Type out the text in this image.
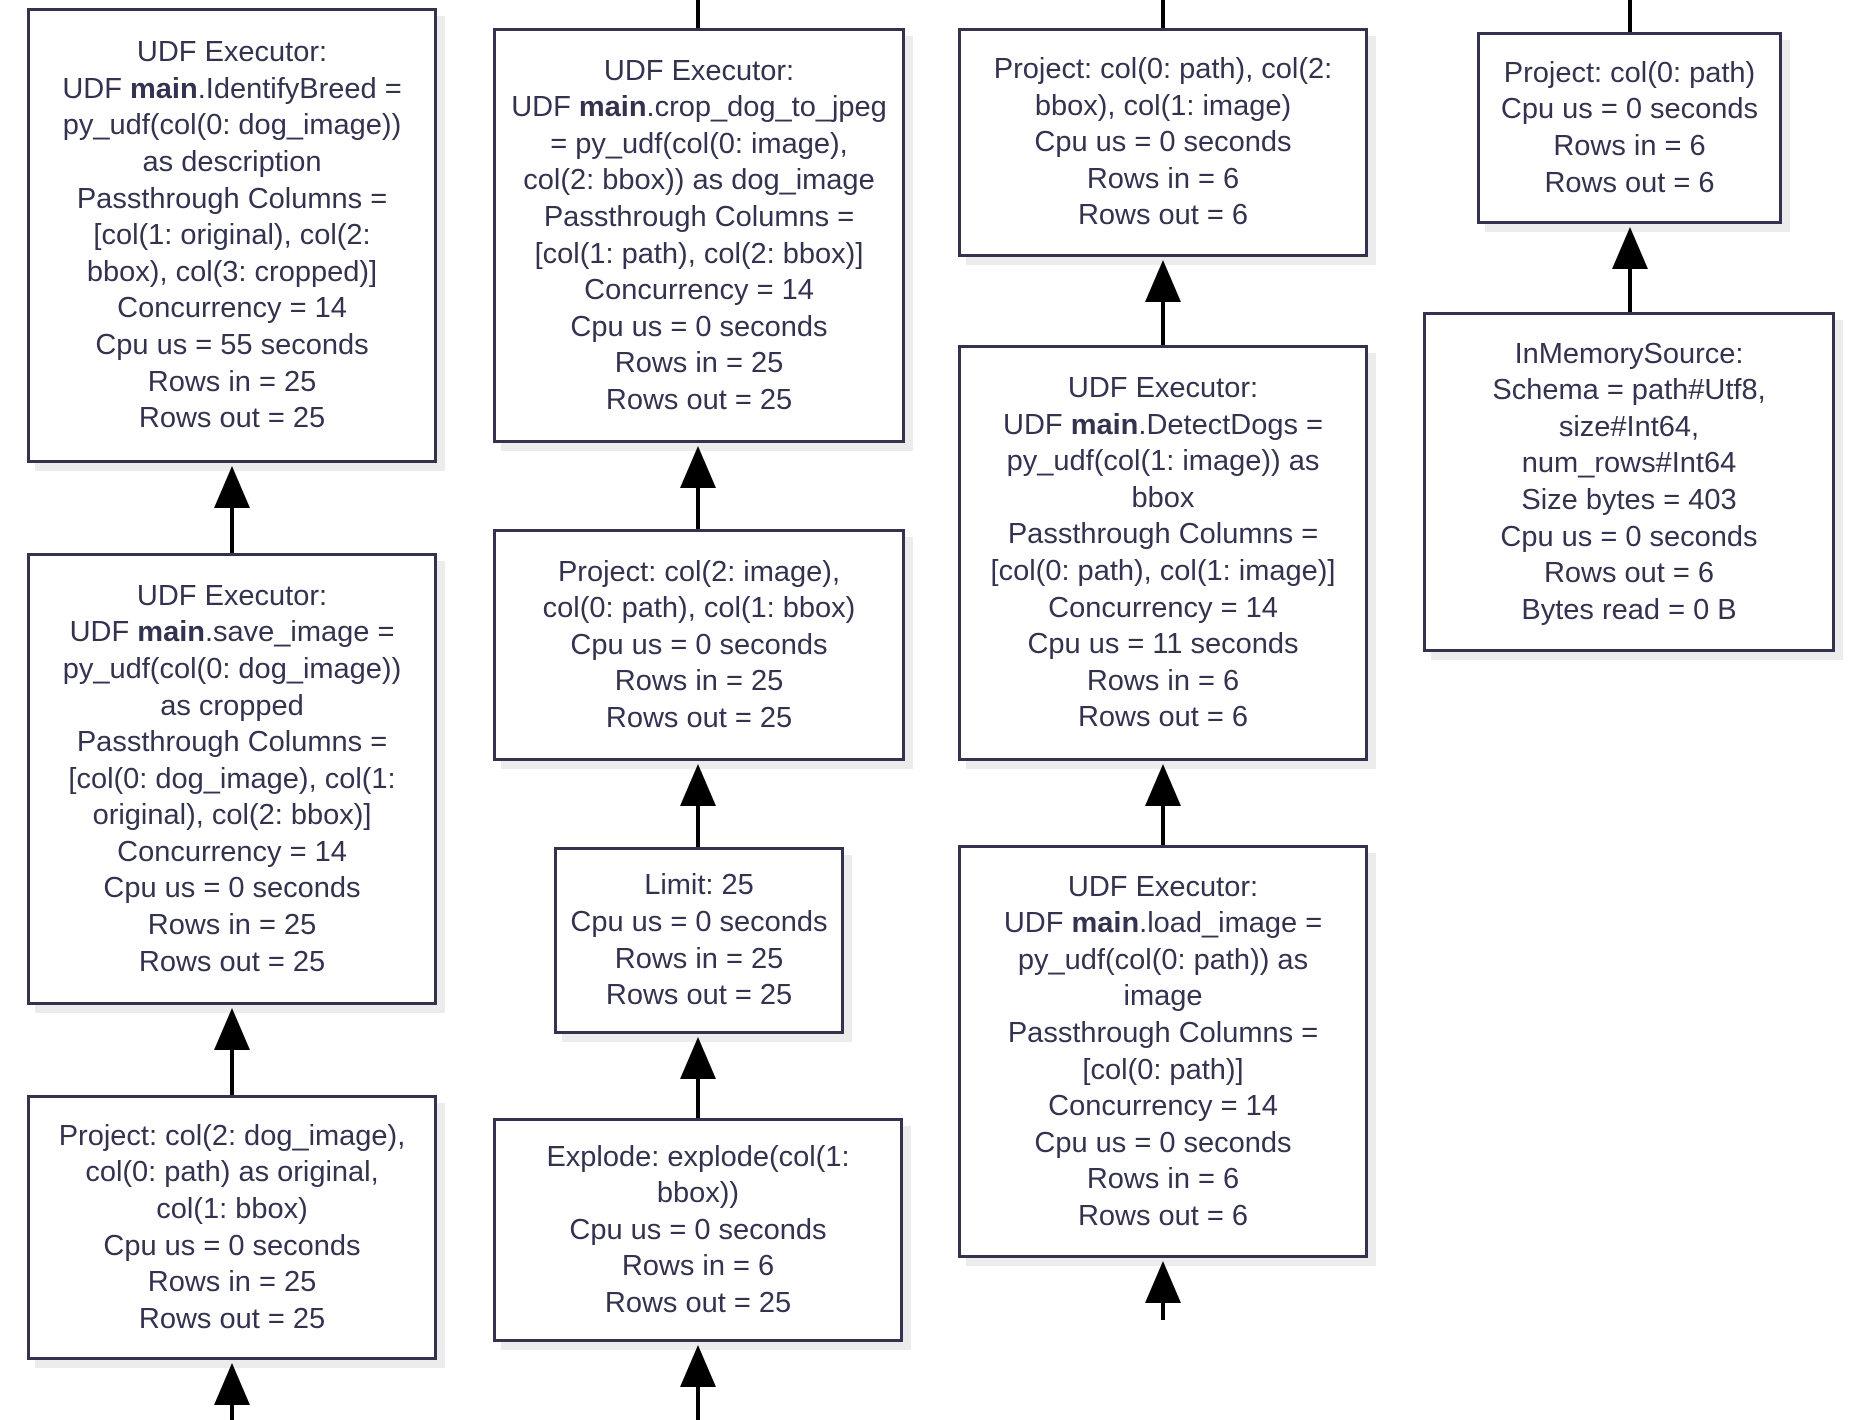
UDF Executor:
UDF main.IdentifyBreed =
py_udf(col(0: dog_image))
as description
Passthrough Columns =
[col(1: original), col(2:
bbox), col(3: cropped)]
Concurrency = 14
Cpu us = 55 seconds
Rows in = 25
Rows out = 25
UDF Executor:
UDF main.save_image =
py_udf(col(0: dog_image))
as cropped
Passthrough Columns =
[col(0: dog_image), col(1:
original), col(2: bbox)]
Concurrency = 14
Cpu us = 0 seconds
Rows in = 25
Rows out = 25
Project: col(2: dog_image),
col(0: path) as original,
col(1: bbox)
Cpu us = 0 seconds
Rows in = 25
Rows out = 25
UDF Executor:
UDF main.crop_dog_to_jpeg
= py_udf(col(0: image),
col(2: bbox)) as dog_image
Passthrough Columns =
[col(1: path), col(2: bbox)]
Concurrency = 14
Cpu us = 0 seconds
Rows in = 25
Rows out = 25
Project: col(2: image),
col(0: path), col(1: bbox)
Cpu us = 0 seconds
Rows in = 25
Rows out = 25
Limit: 25
Cpu us = 0 seconds
Rows in = 25
Rows out = 25
Explode: explode(col(1:
bbox))
Cpu us = 0 seconds
Rows in = 6
Rows out = 25
Project: col(0: path), col(2:
bbox), col(1: image)
Cpu us = 0 seconds
Rows in = 6
Rows out = 6
UDF Executor:
UDF main.DetectDogs =
py_udf(col(1: image)) as
bbox
Passthrough Columns =
[col(0: path), col(1: image)]
Concurrency = 14
Cpu us = 11 seconds
Rows in = 6
Rows out = 6
UDF Executor:
UDF main.load_image =
py_udf(col(0: path)) as
image
Passthrough Columns =
[col(0: path)]
Concurrency = 14
Cpu us = 0 seconds
Rows in = 6
Rows out = 6
Project: col(0: path)
Cpu us = 0 seconds
Rows in = 6
Rows out = 6
InMemorySource:
Schema = path#Utf8,
size#Int64,
num_rows#Int64
Size bytes = 403
Cpu us = 0 seconds
Rows out = 6
Bytes read = 0 B
